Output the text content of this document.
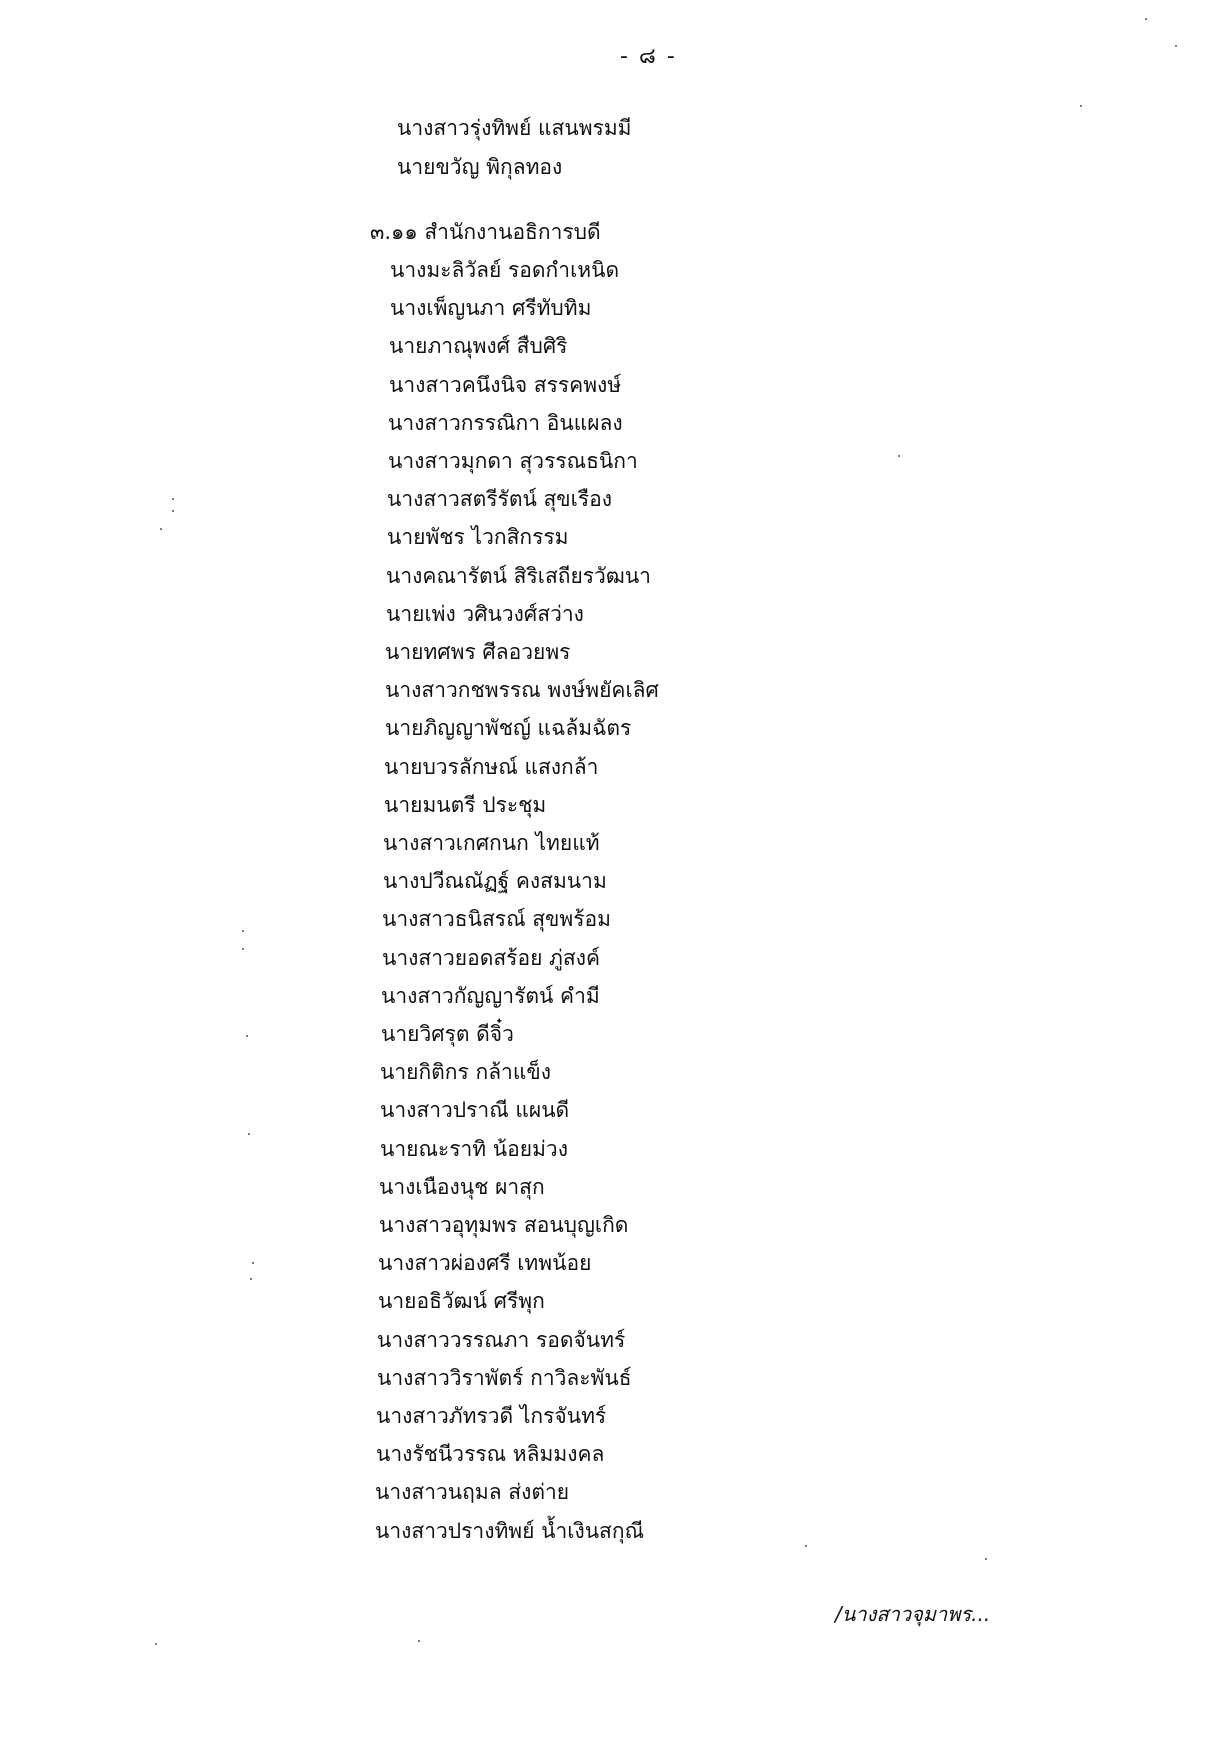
- ๘ -
นางสาวรุ่งทิพย์ แสนพรมมี
นายขวัญ พิกุลทอง
๓.๑๑ สำนักงานอธิการบดี
นางมะลิวัลย์ รอดกำเหนิด
นางเพ็ญนภา ศรีทับทิม
นายภาณุพงศ์ สืบศิริ
นางสาวคนึงนิจ สรรคพงษ์
นางสาวกรรณิกา อินแผลง
นางสาวมุกดา สุวรรณธนิกา
นางสาวสตรีรัตน์ สุขเรือง
นายพัชร ไวกสิกรรม
นางคณารัตน์ สิริเสถียรวัฒนา
นายเพ่ง วศินวงศ์สว่าง
นายทศพร ศีลอวยพร
นางสาวกชพรรณ พงษ์พยัคเลิศ
นายภิญญาพัชญ์ แฉล้มฉัตร
นายบวรลักษณ์ แสงกล้า
นายมนตรี ประชุม
นางสาวเกศกนก ไทยแท้
นางปวีณณัฏฐ์ คงสมนาม
นางสาวธนิสรณ์ สุขพร้อม
นางสาวยอดสร้อย ภู่สงค์
นางสาวกัญญารัตน์ คำมี
นายวิศรุต ดีจิ๋ว
นายกิติกร กล้าแข็ง
นางสาวปราณี แผนดี
นายณะราทิ น้อยม่วง
นางเนืองนุช ผาสุก
นางสาวอุทุมพร สอนบุญเกิด
นางสาวผ่องศรี เทพน้อย
นายอธิวัฒน์ ศรีพุก
นางสาววรรณภา รอดจันทร์
นางสาววิราพัตร์ กาวิละพันธ์
นางสาวภัทรวดี ไกรจันทร์
นางรัชนีวรรณ หลิมมงคล
นางสาวนฤมล ส่งต่าย
นางสาวปรางทิพย์ น้ำเงินสกุณี
/นางสาวจุมาพร...
